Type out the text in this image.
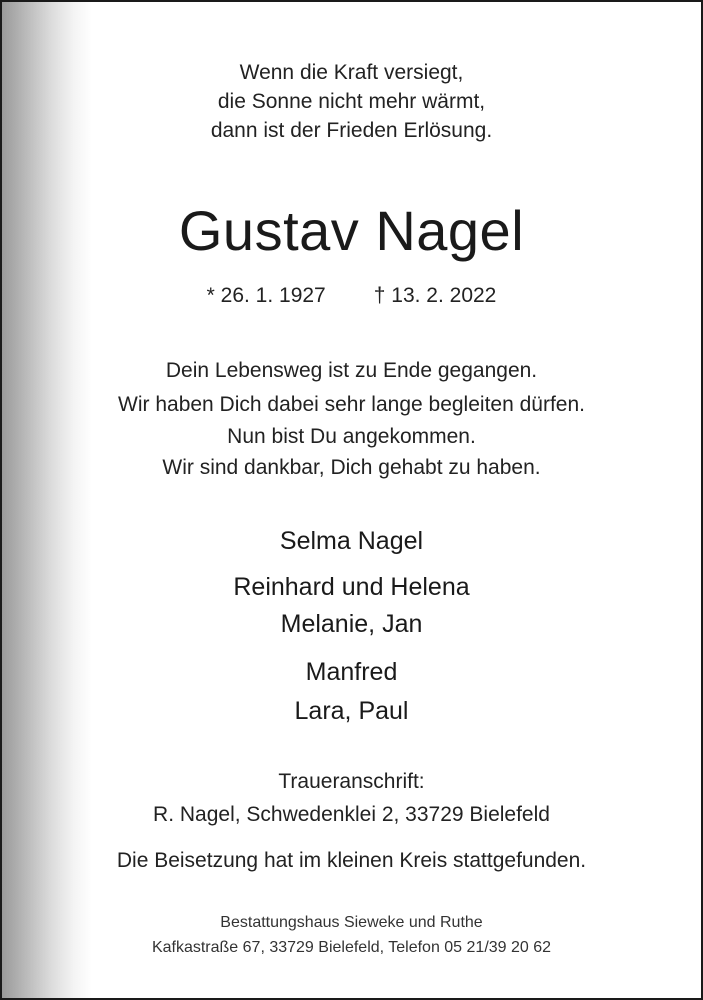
Wenn die Kraft versiegt,
die Sonne nicht mehr wärmt,
dann ist der Frieden Erlösung.
Gustav Nagel
* 26. 1. 1927 † 13. 2. 2022
Dein Lebensweg ist zu Ende gegangen.
Wir haben Dich dabei sehr lange begleiten dürfen.
Nun bist Du angekommen.
Wir sind dankbar, Dich gehabt zu haben.
Selma Nagel
Reinhard und Helena
Melanie, Jan
Manfred
Lara, Paul
Traueranschrift:
R. Nagel, Schwedenklei 2, 33729 Bielefeld
Die Beisetzung hat im kleinen Kreis stattgefunden.
Bestattungshaus Sieweke und Ruthe
Kafkastraße 67, 33729 Bielefeld, Telefon 05 21/39 20 62
